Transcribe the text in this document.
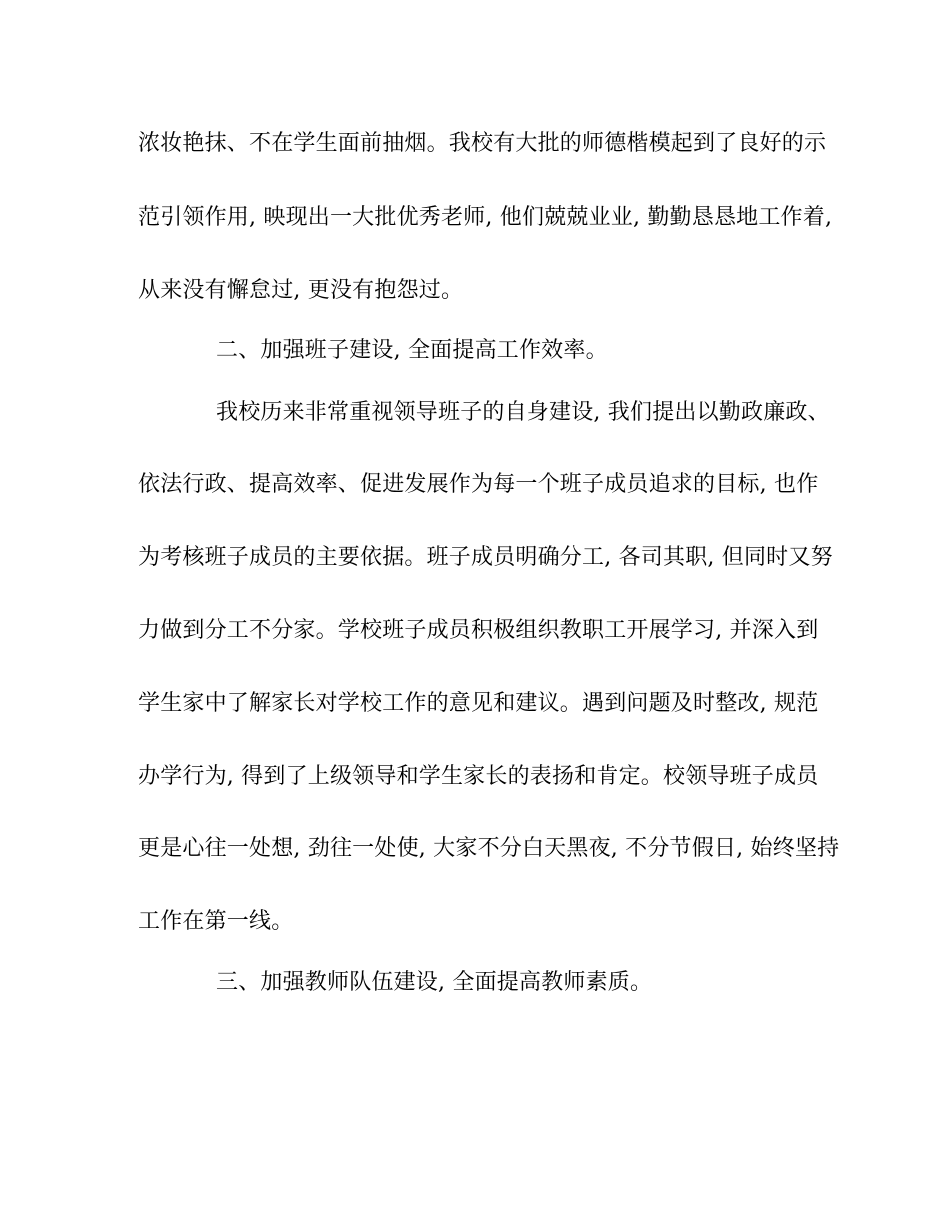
浓妆艳抹、不在学生面前抽烟。我校有大批的师德楷模起到了良好的示
范引领作用, 映现出一大批优秀老师, 他们兢兢业业, 勤勤恳恳地工作着,
从来没有懈怠过, 更没有抱怨过。
二、加强班子建设, 全面提高工作效率。
我校历来非常重视领导班子的自身建设, 我们提出以勤政廉政、
依法行政、提高效率、促进发展作为每一个班子成员追求的目标, 也作
为考核班子成员的主要依据。班子成员明确分工, 各司其职, 但同时又努
力做到分工不分家。学校班子成员积极组织教职工开展学习, 并深入到
学生家中了解家长对学校工作的意见和建议。遇到问题及时整改, 规范
办学行为, 得到了上级领导和学生家长的表扬和肯定。校领导班子成员
更是心往一处想, 劲往一处使, 大家不分白天黑夜, 不分节假日, 始终坚持
工作在第一线。
三、加强教师队伍建设, 全面提高教师素质。
